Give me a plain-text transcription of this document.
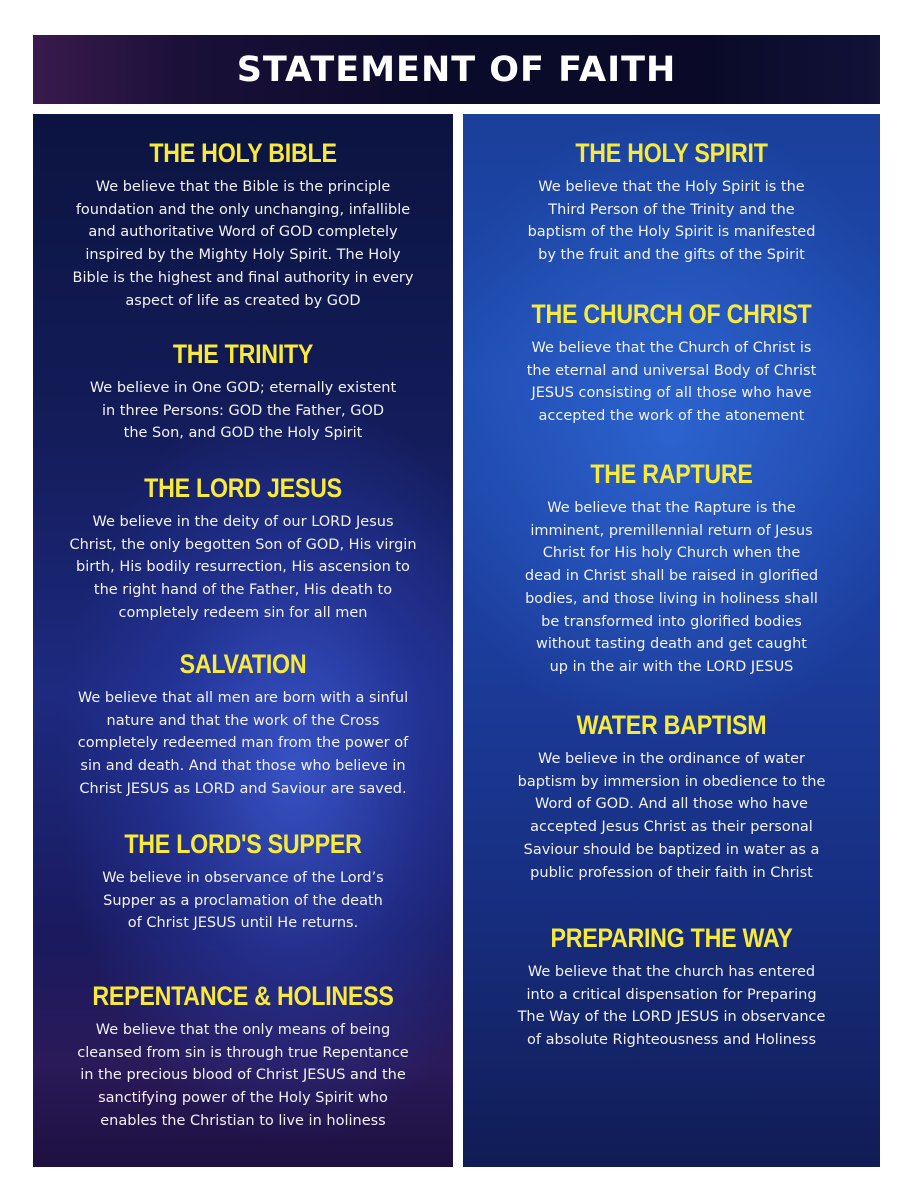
STATEMENT OF FAITH
THE HOLY BIBLE

We believe that the Bible is the principle
foundation and the only unchanging, infallible
and authoritative Word of GOD completely
inspired by the Mighty Holy Spirit. The Holy
Bible is the highest and final authority in every
aspect of life as created by GOD

THE TRINITY

We believe in One GOD; eternally existent
in three Persons: GOD the Father, GOD
the Son, and GOD the Holy Spirit

THE LORD JESUS

We believe in the deity of our LORD Jesus
Christ, the only begotten Son of GOD, His virgin
birth, His bodily resurrection, His ascension to
the right hand of the Father, His death to
completely redeem sin for all men

SALVATION

We believe that all men are born with a sinful
nature and that the work of the Cross
completely redeemed man from the power of
sin and death. And that those who believe in
Christ JESUS as LORD and Saviour are saved.

THE LORD'S SUPPER

We believe in observance of the Lord’s
Supper as a proclamation of the death
of Christ JESUS until He returns.

REPENTANCE & HOLINESS

We believe that the only means of being
cleansed from sin is through true Repentance
in the precious blood of Christ JESUS and the
sanctifying power of the Holy Spirit who
enables the Christian to live in holiness

THE HOLY SPIRIT

We believe that the Holy Spirit is the
Third Person of the Trinity and the
baptism of the Holy Spirit is manifested
by the fruit and the gifts of the Spirit

THE CHURCH OF CHRIST

We believe that the Church of Christ is
the eternal and universal Body of Christ
JESUS consisting of all those who have
accepted the work of the atonement

THE RAPTURE

We believe that the Rapture is the
imminent, premillennial return of Jesus
Christ for His holy Church when the
dead in Christ shall be raised in glorified
bodies, and those living in holiness shall
be transformed into glorified bodies
without tasting death and get caught
up in the air with the LORD JESUS

WATER BAPTISM

We believe in the ordinance of water
baptism by immersion in obedience to the
Word of GOD. And all those who have
accepted Jesus Christ as their personal
Saviour should be baptized in water as a
public profession of their faith in Christ

PREPARING THE WAY

We believe that the church has entered
into a critical dispensation for Preparing
The Way of the LORD JESUS in observance
of absolute Righteousness and Holiness
